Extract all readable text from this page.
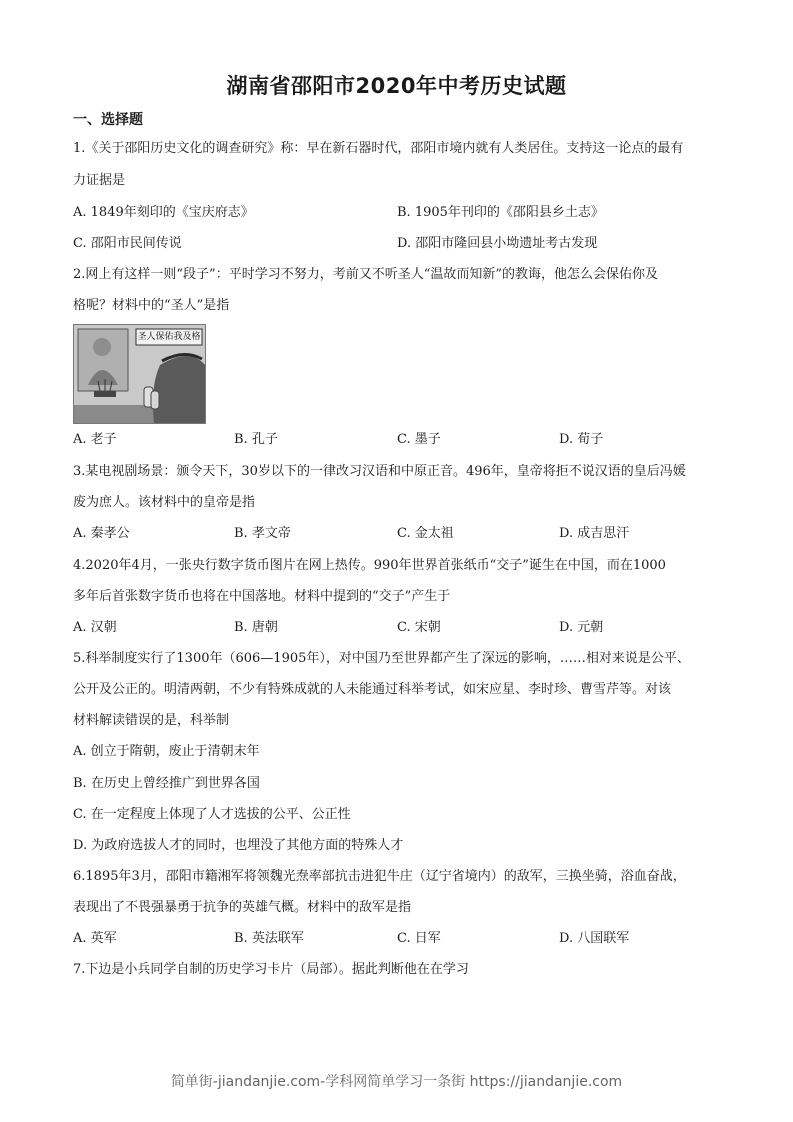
湖南省邵阳市2020年中考历史试题
一、选择题
1.《关于邵阳历史文化的调查研究》称：早在新石器时代，邵阳市境内就有人类居住。支持这一论点的最有
力证据是
A. 1849年刻印的《宝庆府志》	B. 1905年刊印的《邵阳县乡土志》
C. 邵阳市民间传说	D. 邵阳市隆回县小坳遗址考古发现
2.网上有这样一则“段子”：平时学习不努力，考前又不听圣人“温故而知新”的教诲，他怎么会保佑你及
格呢？材料中的“圣人”是指
圣人保佑我及格
A. 老子	B. 孔子	C. 墨子	D. 荀子
3.某电视剧场景：颁令天下，30岁以下的一律改习汉语和中原正音。496年，皇帝将拒不说汉语的皇后冯媛
废为庶人。该材料中的皇帝是指
A. 秦孝公	B. 孝文帝	C. 金太祖	D. 成吉思汗
4.2020年4月，一张央行数字货币图片在网上热传。990年世界首张纸币“交子”诞生在中国，而在1000
多年后首张数字货币也将在中国落地。材料中提到的“交子”产生于
A. 汉朝	B. 唐朝	C. 宋朝	D. 元朝
5.科举制度实行了1300年（606—1905年），对中国乃至世界都产生了深远的影响，……相对来说是公平、
公开及公正的。明清两朝，不少有特殊成就的人未能通过科举考试，如宋应星、李时珍、曹雪芹等。对该
材料解读错误的是，科举制
A. 创立于隋朝，废止于清朝末年
B. 在历史上曾经推广到世界各国
C. 在一定程度上体现了人才选拔的公平、公正性
D. 为政府选拔人才的同时，也埋没了其他方面的特殊人才
6.1895年3月，邵阳市籍湘军将领魏光焘率部抗击进犯牛庄（辽宁省境内）的敌军，三换坐骑，浴血奋战，
表现出了不畏强暴勇于抗争的英雄气概。材料中的敌军是指
A. 英军	B. 英法联军	C. 日军	D. 八国联军
7.下边是小兵同学自制的历史学习卡片（局部）。据此判断他在在学习
简单街-jiandanjie.com-学科网简单学习一条街 https://jiandanjie.com
